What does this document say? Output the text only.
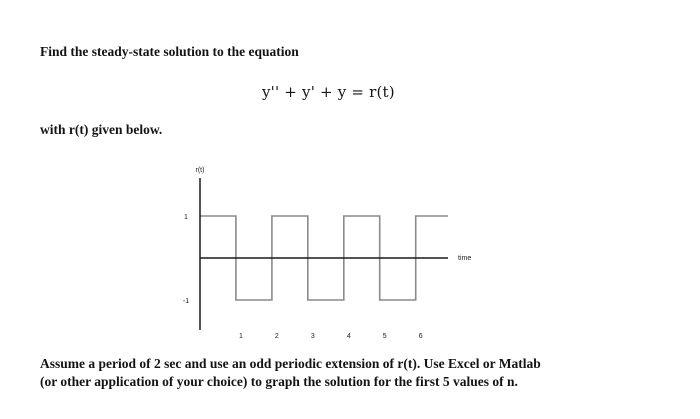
Find the steady-state solution to the equation
y'' + y' + y = r(t)
with r(t) given below.
r(t)
time
1
-1
1	2	3	4	5	6
Assume a period of 2 sec and use an odd periodic extension of r(t). Use Excel or Matlab
(or other application of your choice) to graph the solution for the first 5 values of n.
